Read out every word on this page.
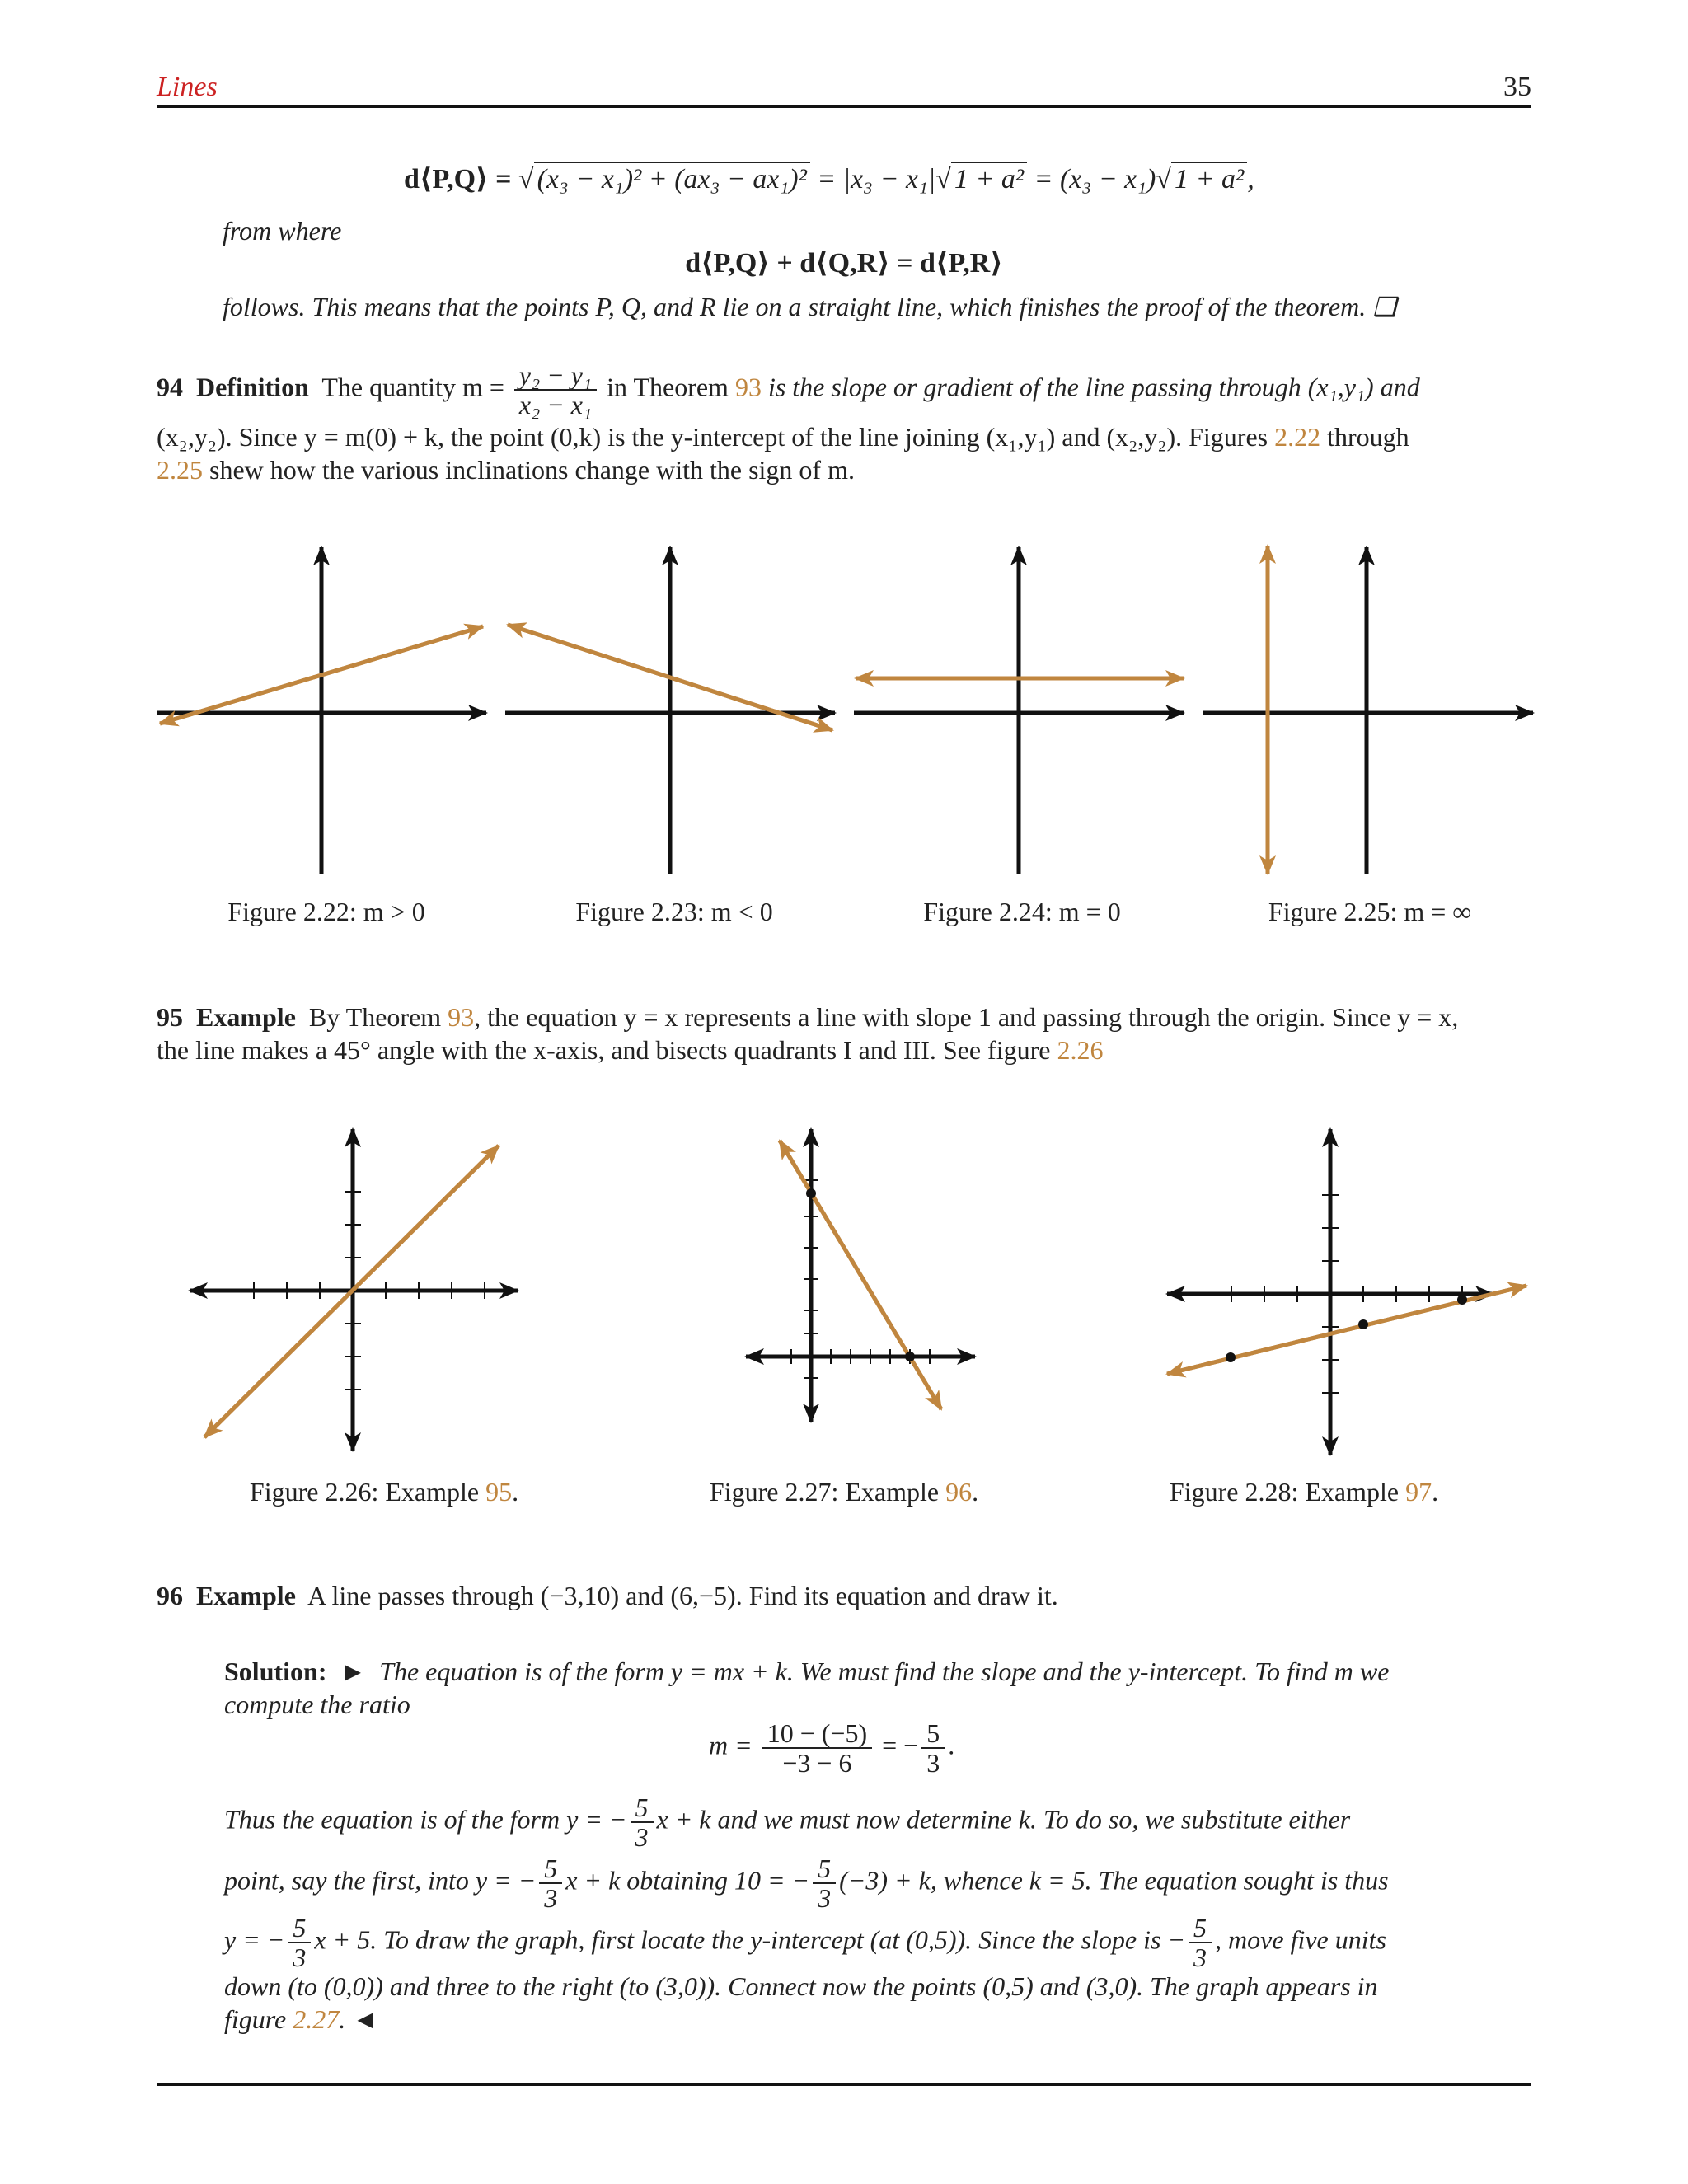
Lines	35
d⟨P,Q⟩ = √ (x₃ − x₁)² + (ax₃ − ax₁)² = |x₃ − x₁|√ 1 + a² = (x₃ − x₁)√ 1 + a² ,
from where
d⟨P,Q⟩ + d⟨Q,R⟩ = d⟨P,R⟩
follows. This means that the points P, Q, and R lie on a straight line, which finishes the proof of the theorem. ❑
94 Definition The quantity $m = \frac{\text{y₂ − y₁}}{\text{x₂ − x₁}}$ in Theorem 93 is the slope or gradient of the line passing through (x₁,y₁) and
(x₂,y₂). Since y = m(0) + k, the point (0,k) is the y-intercept of the line joining (x₁,y₁) and (x₂,y₂). Figures 2.22 through
2.25 shew how the various inclinations change with the sign of m.
Figure 2.22: m > 0	Figure 2.23: m < 0	Figure 2.24: m = 0	Figure 2.25: m = ∞
95 Example By Theorem 93, the equation y = x represents a line with slope 1 and passing through the origin. Since y = x,
the line makes a 45° angle with the x-axis, and bisects quadrants I and III. See figure 2.26
Figure 2.26: Example 95.	Figure 2.27: Example 96.	Figure 2.28: Example 97.
96 Example A line passes through (−3,10) and (6,−5). Find its equation and draw it.
Solution: ► The equation is of the form y = mx + k. We must find the slope and the y-intercept. To find m we
compute the ratio
$m = \frac{10 - (-5)}{-3 - 6}$ = − $\frac{5}{3}$ .
Thus the equation is of the form y = − $\frac{5}{3}$ x + k and we must now determine k. To do so, we substitute either
point, say the first, into y = − $\frac{5}{3}$ x + k obtaining 10 = − $\frac{5}{3} (-3) + k$, whence k = 5. The equation sought is thus
y = − $\frac{5}{3}$ x + 5. To draw the graph, first locate the y-intercept (at (0,5)). Since the slope is − $\frac{5}{3}$ , move five units
down (to (0,0)) and three to the right (to (3,0)). Connect now the points (0,5) and (3,0). The graph appears in
figure 2.27. ◄
